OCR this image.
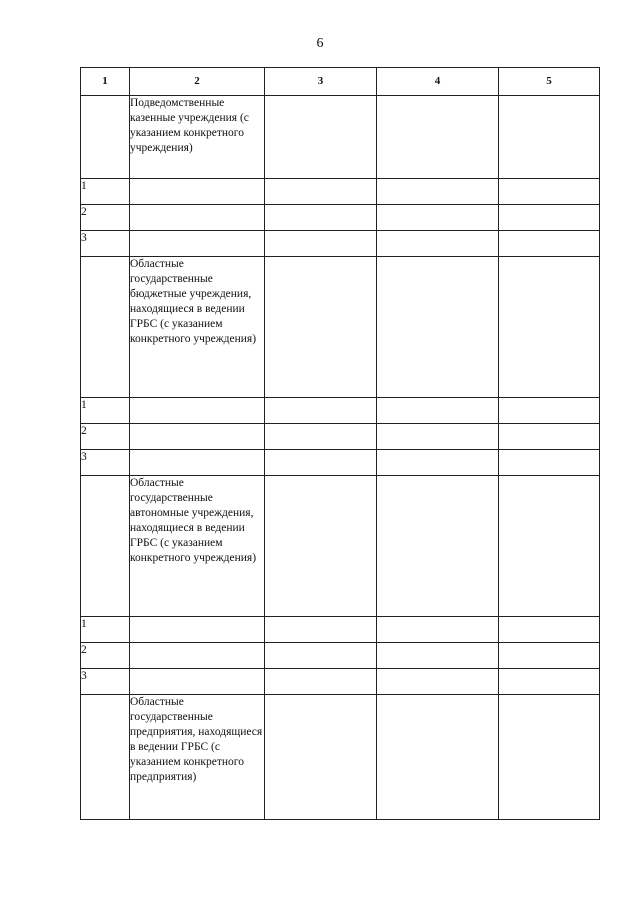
6
1	2	3	4	5
	Подведомственные казенные учреждения (с указанием конкретного учреждения)			
1				
2				
3				
	Областные государственные бюджетные учреждения, находящиеся в ведении ГРБС (с указанием конкретного учреждения)			
1				
2				
3				
	Областные государственные автономные учреждения, находящиеся в ведении ГРБС (с указанием конкретного учреждения)			
1				
2				
3				
	Областные государственные предприятия, находящиеся в ведении ГРБС (с указанием конкретного предприятия)			
